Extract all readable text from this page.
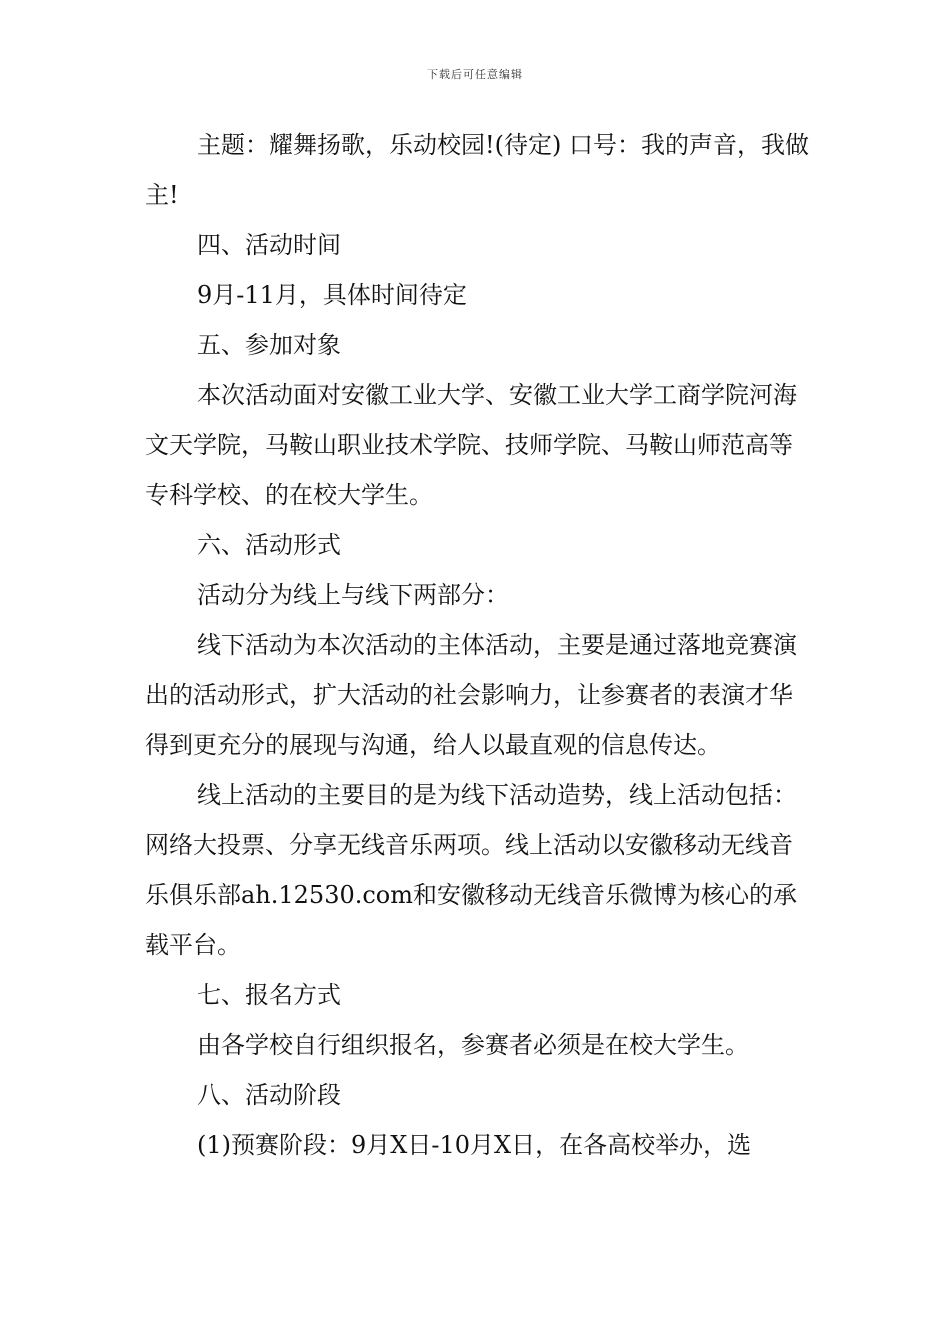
下载后可任意编辑

主题：耀舞扬歌，乐动校园!(待定) 口号：我的声音，我做主!

四、活动时间

9月-11月，具体时间待定

五、参加对象

本次活动面对安徽工业大学、安徽工业大学工商学院河海文天学院，马鞍山职业技术学院、技师学院、马鞍山师范高等专科学校、的在校大学生。

六、活动形式

活动分为线上与线下两部分：

线下活动为本次活动的主体活动，主要是通过落地竞赛演出的活动形式，扩大活动的社会影响力，让参赛者的表演才华得到更充分的展现与沟通，给人以最直观的信息传达。

线上活动的主要目的是为线下活动造势，线上活动包括：网络大投票、分享无线音乐两项。线上活动以安徽移动无线音乐俱乐部ah.12530.com和安徽移动无线音乐微博为核心的承载平台。

七、报名方式

由各学校自行组织报名，参赛者必须是在校大学生。

八、活动阶段

(1)预赛阶段：9月X日-10月X日，在各高校举办，选
